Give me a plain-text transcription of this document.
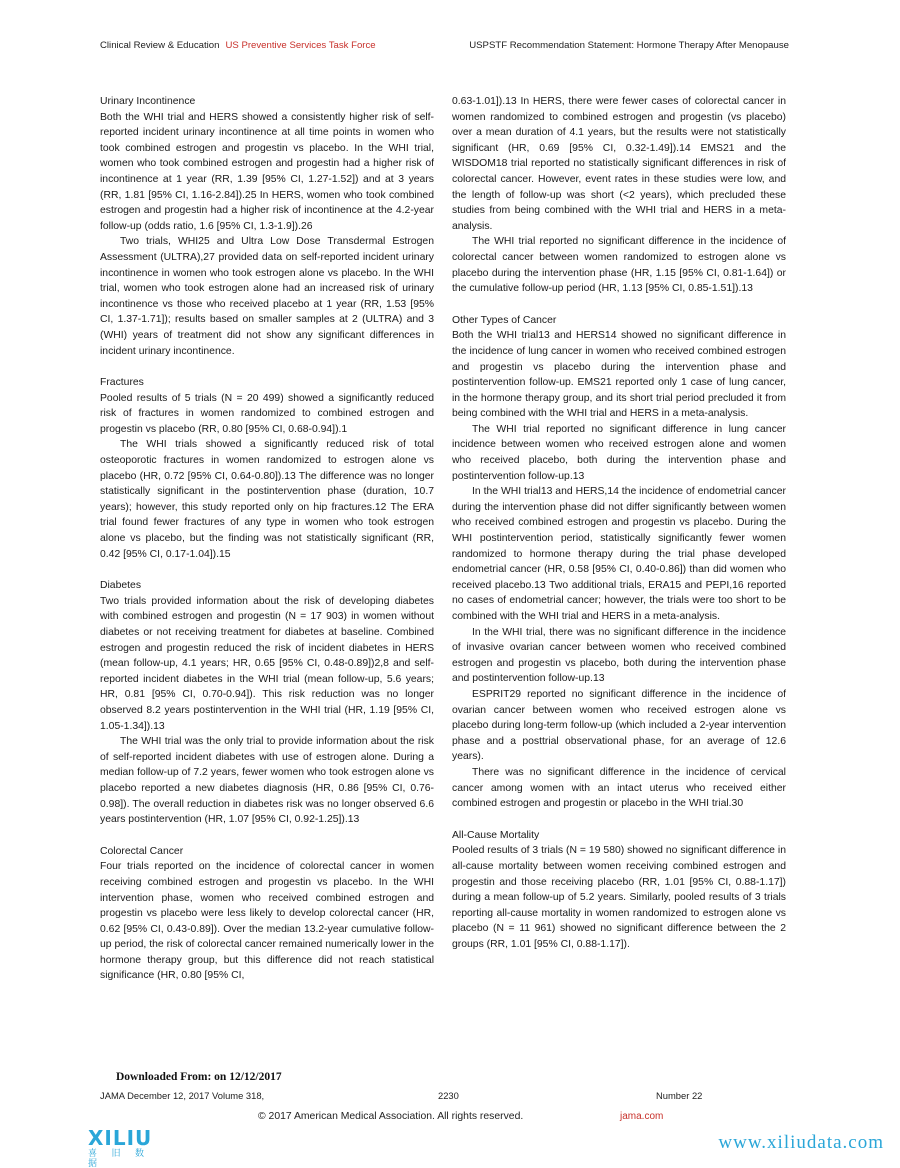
Clinical Review & Education US Preventive Services Task Force	USPSTF Recommendation Statement: Hormone Therapy After Menopause
Urinary Incontinence

Both the WHI trial and HERS showed a consistently higher risk of self-reported incident urinary incontinence at all time points in women who took combined estrogen and progestin vs placebo. In the WHI trial, women who took combined estrogen and progestin had a higher risk of incontinence at 1 year (RR, 1.39 [95% CI, 1.27-1.52]) and at 3 years (RR, 1.81 [95% CI, 1.16-2.84]).25 In HERS, women who took combined estrogen and progestin had a higher risk of incontinence at the 4.2-year follow-up (odds ratio, 1.6 [95% CI, 1.3-1.9]).26

Two trials, WHI25 and Ultra Low Dose Transdermal Estrogen Assessment (ULTRA),27 provided data on self-reported incident urinary incontinence in women who took estrogen alone vs placebo. In the WHI trial, women who took estrogen alone had an increased risk of urinary incontinence vs those who received placebo at 1 year (RR, 1.53 [95% CI, 1.37-1.71]); results based on smaller samples at 2 (ULTRA) and 3 (WHI) years of treatment did not show any significant differences in incident urinary incontinence.

Fractures

Pooled results of 5 trials (N = 20 499) showed a significantly reduced risk of fractures in women randomized to combined estrogen and progestin vs placebo (RR, 0.80 [95% CI, 0.68-0.94]).1

The WHI trials showed a significantly reduced risk of total osteoporotic fractures in women randomized to estrogen alone vs placebo (HR, 0.72 [95% CI, 0.64-0.80]).13 The difference was no longer statistically significant in the postintervention phase (duration, 10.7 years); however, this study reported only on hip fractures.12 The ERA trial found fewer fractures of any type in women who took estrogen alone vs placebo, but the finding was not statistically significant (RR, 0.42 [95% CI, 0.17-1.04]).15

Diabetes

Two trials provided information about the risk of developing diabetes with combined estrogen and progestin (N = 17 903) in women without diabetes or not receiving treatment for diabetes at baseline. Combined estrogen and progestin reduced the risk of incident diabetes in HERS (mean follow-up, 4.1 years; HR, 0.65 [95% CI, 0.48-0.89])2,8 and self-reported incident diabetes in the WHI trial (mean follow-up, 5.6 years; HR, 0.81 [95% CI, 0.70-0.94]). This risk reduction was no longer observed 8.2 years postintervention in the WHI trial (HR, 1.19 [95% CI, 1.05-1.34]).13

The WHI trial was the only trial to provide information about the risk of self-reported incident diabetes with use of estrogen alone. During a median follow-up of 7.2 years, fewer women who took estrogen alone vs placebo reported a new diabetes diagnosis (HR, 0.86 [95% CI, 0.76-0.98]). The overall reduction in diabetes risk was no longer observed 6.6 years postintervention (HR, 1.07 [95% CI, 0.92-1.25]).13

Colorectal Cancer

Four trials reported on the incidence of colorectal cancer in women receiving combined estrogen and progestin vs placebo. In the WHI intervention phase, women who received combined estrogen and progestin vs placebo were less likely to develop colorectal cancer (HR, 0.62 [95% CI, 0.43-0.89]). Over the median 13.2-year cumulative follow-up period, the risk of colorectal cancer remained numerically lower in the hormone therapy group, but this difference did not reach statistical significance (HR, 0.80 [95% CI,

0.63-1.01]).13 In HERS, there were fewer cases of colorectal cancer in women randomized to combined estrogen and progestin (vs placebo) over a mean duration of 4.1 years, but the results were not statistically significant (HR, 0.69 [95% CI, 0.32-1.49]).14 EMS21 and the WISDOM18 trial reported no statistically significant differences in risk of colorectal cancer. However, event rates in these studies were low, and the length of follow-up was short (<2 years), which precluded these studies from being combined with the WHI trial and HERS in a meta-analysis.

The WHI trial reported no significant difference in the incidence of colorectal cancer between women randomized to estrogen alone vs placebo during the intervention phase (HR, 1.15 [95% CI, 0.81-1.64]) or the cumulative follow-up period (HR, 1.13 [95% CI, 0.85-1.51]).13

Other Types of Cancer

Both the WHI trial13 and HERS14 showed no significant difference in the incidence of lung cancer in women who received combined estrogen and progestin vs placebo during the intervention phase and postintervention follow-up. EMS21 reported only 1 case of lung cancer, in the hormone therapy group, and its short trial period precluded it from being combined with the WHI trial and HERS in a meta-analysis.

The WHI trial reported no significant difference in lung cancer incidence between women who received estrogen alone and women who received placebo, both during the intervention phase and postintervention follow-up.13

In the WHI trial13 and HERS,14 the incidence of endometrial cancer during the intervention phase did not differ significantly between women who received combined estrogen and progestin vs placebo. During the WHI postintervention period, statistically significantly fewer women randomized to hormone therapy during the trial phase developed endometrial cancer (HR, 0.58 [95% CI, 0.40-0.86]) than did women who received placebo.13 Two additional trials, ERA15 and PEPI,16 reported no cases of endometrial cancer; however, the trials were too short to be combined with the WHI trial and HERS in a meta-analysis.

In the WHI trial, there was no significant difference in the incidence of invasive ovarian cancer between women who received combined estrogen and progestin vs placebo, both during the intervention phase and postintervention follow-up.13

ESPRIT29 reported no significant difference in the incidence of ovarian cancer between women who received estrogen alone vs placebo during long-term follow-up (which included a 2-year intervention phase and a posttrial observational phase, for an average of 12.6 years).

There was no significant difference in the incidence of cervical cancer among women with an intact uterus who received either combined estrogen and progestin or placebo in the WHI trial.30

All-Cause Mortality

Pooled results of 3 trials (N = 19 580) showed no significant difference in all-cause mortality between women receiving combined estrogen and progestin and those receiving placebo (RR, 1.01 [95% CI, 0.88-1.17]) during a mean follow-up of 5.2 years. Similarly, pooled results of 3 trials reporting all-cause mortality in women randomized to estrogen alone vs placebo (N = 11 961) showed no significant difference between the 2 groups (RR, 1.01 [95% CI, 0.88-1.17]).

Downloaded From: on 12/12/2017
JAMA December 12, 2017 Volume 318,	2230	Number 22
© 2017 American Medical Association. All rights reserved.	jama.com
XILIU
喜 旧 数 据
www.xiliudata.com
